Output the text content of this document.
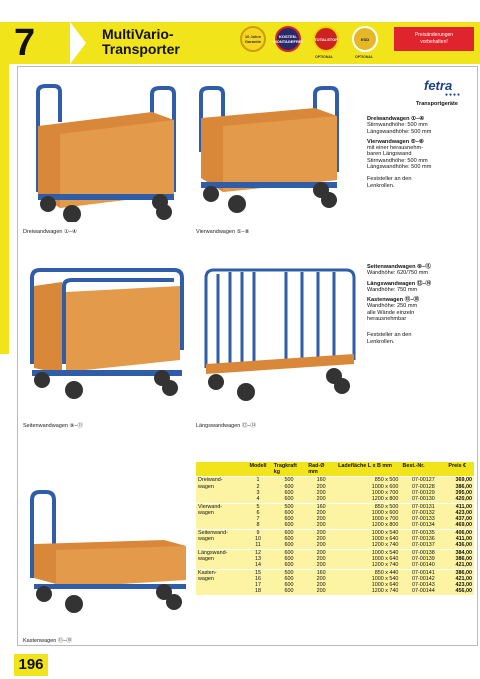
7	MultiVario-
Transporter
10 Jahre Garantie
KOSTEN-MONTAGEFREI	TOTALSTOP	ESD
OPTIONAL	OPTIONAL
Preisänderungen
vorbehalten!
fetra
●●●●
Transportgeräte
Dreiwandwagen ①–④	Vierwandwagen ⑤–⑧
Seitenwandwagen ⑨–⑪	Längswandwagen ⑫–⑭
Kastenwagen ⑮–⑱
Dreiwandwagen ①–④
Stirnwandhöhe: 500 mm
Längswandhöhe: 500 mm
Vierwandwagen ⑤–⑧
mit einer herausnehm-
baren Längswand
Stirnwandhöhe: 500 mm
Längswandhöhe: 500 mm
Feststeller an den
Lenkrollen.
Seitenwandwagen ⑨–⑪
Wandhöhe: 620/750 mm
Längswandwagen ⑫–⑭
Wandhöhe: 750 mm
Kastenwagen ⑮–⑱
Wandhöhe: 250 mm
alle Wände einzeln
herausnehmbar
Feststeller an den
Lenkrollen.
	Modell	Tragkraft kg	Rad-Ø mm	Ladefläche L x B mm	Best.-Nr.	Preis €
Dreiwand-	1	500	160	850 x 500	07-00127	369,00
wagen	2	600	200	1000 x 600	07-00128	386,00
	3	600	200	1000 x 700	07-00129	395,00
	4	600	200	1200 x 800	07-00130	420,00
Vierwand-	5	500	160	850 x 500	07-00131	411,00
wagen	6	600	200	1000 x 600	07-00132	423,00
	7	600	200	1000 x 700	07-00133	437,00
	8	600	200	1200 x 800	07-00134	469,00
Seitenwand-	9	600	200	1000 x 540	07-00135	406,00
wagen	10	600	200	1000 x 640	07-00136	411,00
	11	600	200	1200 x 740	07-00137	436,00
Längswand-	12	600	200	1000 x 540	07-00138	384,00
wagen	13	600	200	1000 x 640	07-00139	386,00
	14	600	200	1200 x 740	07-00140	421,00
Kasten-	15	500	160	850 x 440	07-00141	386,00
wagen	16	600	200	1000 x 540	07-00142	421,00
	17	600	200	1000 x 640	07-00143	423,00
	18	600	200	1200 x 740	07-00144	456,00
196
